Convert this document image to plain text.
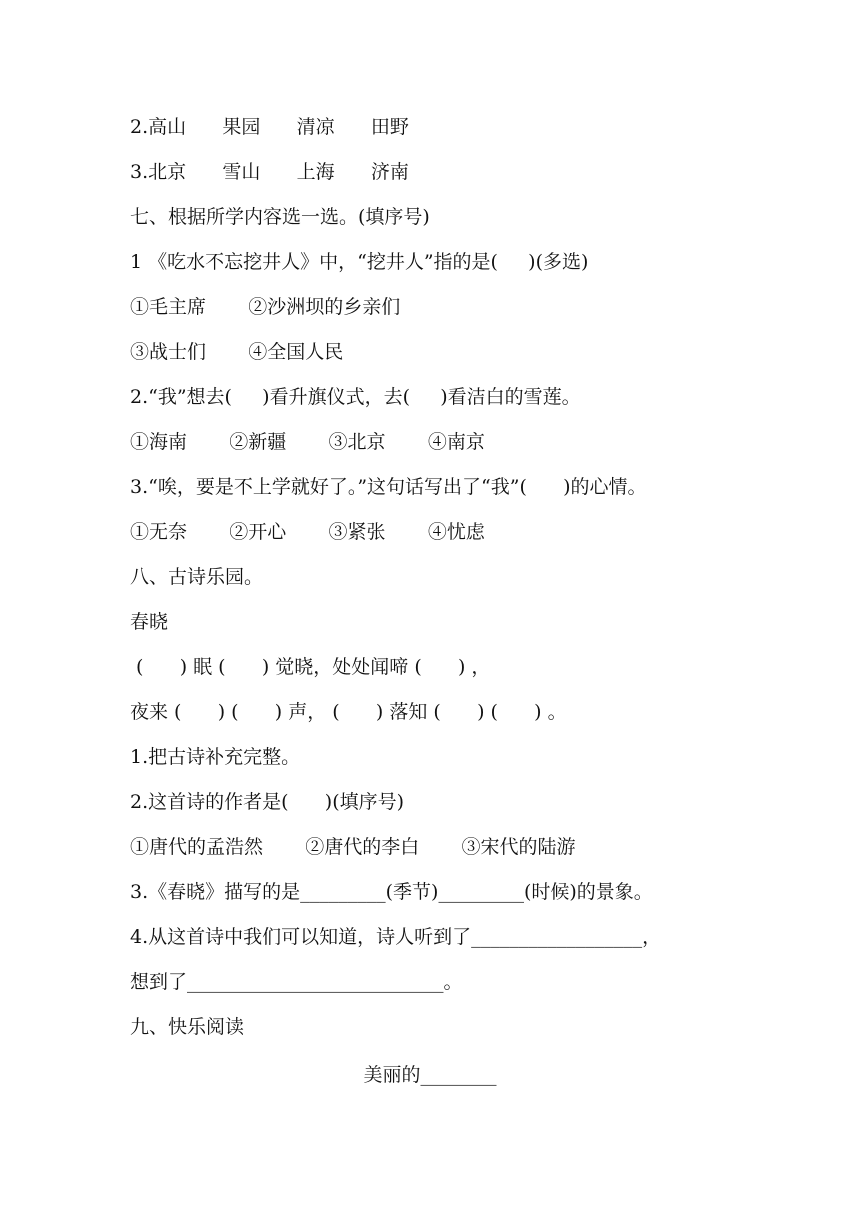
2.高山      果园      清凉      田野
3.北京      雪山      上海      济南
七、根据所学内容选一选。(填序号)
1 《吃水不忘挖井人》中，“挖井人”指的是(     )(多选)
①毛主席       ②沙洲坝的乡亲们
③战士们       ④全国人民
2.“我”想去(     )看升旗仪式，去(     )看洁白的雪莲。
①海南       ②新疆       ③北京       ④南京
3.“唉，要是不上学就好了。”这句话写出了“我”(      )的心情。
①无奈       ②开心       ③紧张       ④忧虑
八、古诗乐园。
春晓
(      ) 眠 (      ) 觉晓，处处闻啼 (      ) ，
夜来 (      ) (      ) 声， (      ) 落知 (      ) (      ) 。
1.把古诗补充完整。
2.这首诗的作者是(      )(填序号)
①唐代的孟浩然       ②唐代的李白       ③宋代的陆游
3.《春晓》描写的是_________(季节)_________(时候)的景象。
4.从这首诗中我们可以知道，诗人听到了__________________，
想到了___________________________。
九、快乐阅读
美丽的________
